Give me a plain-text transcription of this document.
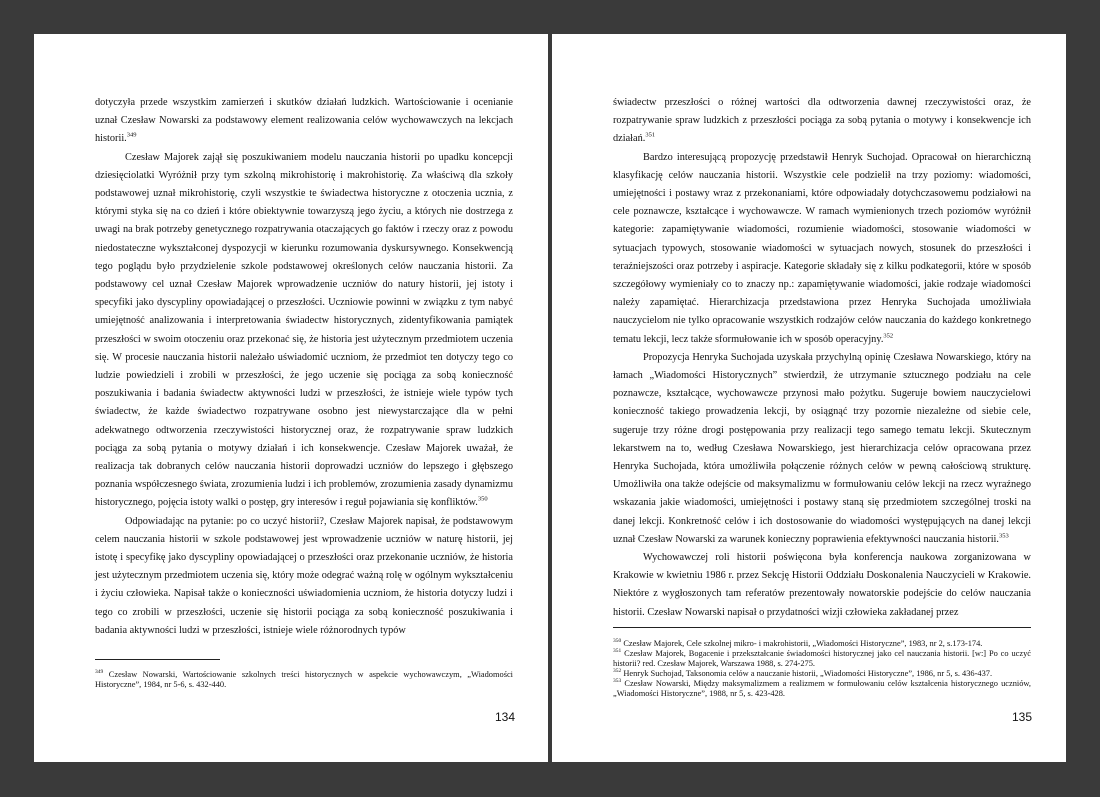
dotyczyła przede wszystkim zamierzeń i skutków działań ludzkich. Wartościowanie i ocenianie uznał Czesław Nowarski za podstawowy element realizowania celów wychowawczych na lekcjach historii.$^{349}$

Czesław Majorek zajął się poszukiwaniem modelu nauczania historii po upadku koncepcji dziesięciolatki Wyróżnił przy tym szkolną mikrohistorię i makrohistorię. Za właściwą dla szkoły podstawowej uznał mikrohistorię, czyli wszystkie te świadectwa historyczne z otoczenia ucznia, z którymi styka się na co dzień i które obiektywnie towarzyszą jego życiu, a których nie dostrzega z uwagi na brak potrzeby genetycznego rozpatrywania otaczających go faktów i rzeczy oraz z powodu niedostateczne wykształconej dyspozycji w kierunku rozumowania dyskursywnego. Konsekwencją tego poglądu było przydzielenie szkole podstawowej określonych celów nauczania historii. Za podstawowy cel uznał Czesław Majorek wprowadzenie uczniów do natury historii, jej istoty i specyfiki jako dyscypliny opowiadającej o przeszłości. Uczniowie powinni w związku z tym nabyć umiejętność analizowania i interpretowania świadectw historycznych, zidentyfikowania pamiątek przeszłości w swoim otoczeniu oraz przekonać się, że historia jest użytecznym przedmiotem uczenia się. W procesie nauczania historii należało uświadomić uczniom, że przedmiot ten dotyczy tego co ludzie powiedzieli i zrobili w przeszłości, że jego uczenie się pociąga za sobą konieczność poszukiwania i badania świadectw aktywności ludzi w przeszłości, że istnieje wiele typów tych świadectw, że każde świadectwo rozpatrywane osobno jest niewystarczające dla w pełni adekwatnego odtworzenia rzeczywistości historycznej oraz, że rozpatrywanie spraw ludzkich pociąga za sobą pytania o motywy działań i ich konsekwencje. Czesław Majorek uważał, że realizacja tak dobranych celów nauczania historii doprowadzi uczniów do lepszego i głębszego poznania współczesnego świata, zrozumienia ludzi i ich problemów, zrozumienia zasady dynamizmu historycznego, pojęcia istoty walki o postęp, gry interesów i reguł pojawiania się konfliktów.$^{350}$

Odpowiadając na pytanie: po co uczyć historii?, Czesław Majorek napisał, że podstawowym celem nauczania historii w szkole podstawowej jest wprowadzenie uczniów w naturę historii, jej istotę i specyfikę jako dyscypliny opowiadającej o przeszłości oraz przekonanie uczniów, że historia jest użytecznym przedmiotem uczenia się, który może odegrać ważną rolę w ogólnym wykształceniu i życiu człowieka. Napisał także o konieczności uświadomienia uczniom, że historia dotyczy ludzi i tego co zrobili w przeszłości, uczenie się historii pociąga za sobą konieczność poszukiwania i badania aktywności ludzi w przeszłości, istnieje wiele różnorodnych typów

$^{349}$ Czesław Nowarski, Wartościowanie szkolnych treści historycznych w aspekcie wychowawczym, „Wiadomości Historyczne”, 1984, nr 5-6, s. 432-440.

134

świadectw przeszłości o różnej wartości dla odtworzenia dawnej rzeczywistości oraz, że rozpatrywanie spraw ludzkich z przeszłości pociąga za sobą pytania o motywy i konsekwencje ich działań.$^{351}$

Bardzo interesującą propozycję przedstawił Henryk Suchojad. Opracował on hierarchiczną klasyfikację celów nauczania historii. Wszystkie cele podzielił na trzy poziomy: wiadomości, umiejętności i postawy wraz z przekonaniami, które odpowiadały dotychczasowemu podziałowi na cele poznawcze, kształcące i wychowawcze. W ramach wymienionych trzech poziomów wyróżnił kategorie: zapamiętywanie wiadomości, rozumienie wiadomości, stosowanie wiadomości w sytuacjach typowych, stosowanie wiadomości w sytuacjach nowych, stosunek do przeszłości i teraźniejszości oraz potrzeby i aspiracje. Kategorie składały się z kilku podkategorii, które w sposób szczegółowy wymieniały co to znaczy np.: zapamiętywanie wiadomości, jakie rodzaje wiadomości należy zapamiętać. Hierarchizacja przedstawiona przez Henryka Suchojada umożliwiała nauczycielom nie tylko opracowanie wszystkich rodzajów celów nauczania do każdego konkretnego tematu lekcji, lecz także sformułowanie ich w sposób operacyjny.$^{352}$

Propozycja Henryka Suchojada uzyskała przychylną opinię Czesława Nowarskiego, który na łamach „Wiadomości Historycznych” stwierdził, że utrzymanie sztucznego podziału na cele poznawcze, kształcące, wychowawcze przynosi mało pożytku. Sugeruje bowiem nauczycielowi konieczność takiego prowadzenia lekcji, by osiągnąć trzy pozornie niezależne od siebie cele, sugeruje trzy różne drogi postępowania przy realizacji tego samego tematu lekcji. Skutecznym lekarstwem na to, według Czesława Nowarskiego, jest hierarchizacja celów opracowana przez Henryka Suchojada, która umożliwiła połączenie różnych celów w pewną całościową strukturę. Umożliwiła ona także odejście od maksymalizmu w formułowaniu celów lekcji na rzecz wyraźnego wskazania jakie wiadomości, umiejętności i postawy staną się przedmiotem szczególnej troski na danej lekcji. Konkretność celów i ich dostosowanie do wiadomości występujących na danej lekcji uznał Czesław Nowarski za warunek konieczny poprawienia efektywności nauczania historii.$^{353}$

Wychowawczej roli historii poświęcona była konferencja naukowa zorganizowana w Krakowie w kwietniu 1986 r. przez Sekcję Historii Oddziału Doskonalenia Nauczycieli w Krakowie. Niektóre z wygłoszonych tam referatów prezentowały nowatorskie podejście do celów nauczania historii. Czesław Nowarski napisał o przydatności wizji człowieka zakładanej przez

$^{350}$ Czesław Majorek, Cele szkolnej mikro- i makrohistorii, „Wiadomości Historyczne”, 1983, nr 2, s.173-174.

$^{351}$ Czesław Majorek, Bogacenie i przekształcanie świadomości historycznej jako cel nauczania historii. [w:] Po co uczyć historii? red. Czesław Majorek, Warszawa 1988, s. 274-275.

$^{352}$ Henryk Suchojad, Taksonomia celów a nauczanie historii, „Wiadomości Historyczne”, 1986, nr 5, s. 436-437.

$^{353}$ Czesław Nowarski, Między maksymalizmem a realizmem w formułowaniu celów kształcenia historycznego uczniów, „Wiadomości Historyczne”, 1988, nr 5, s. 423-428.

135
